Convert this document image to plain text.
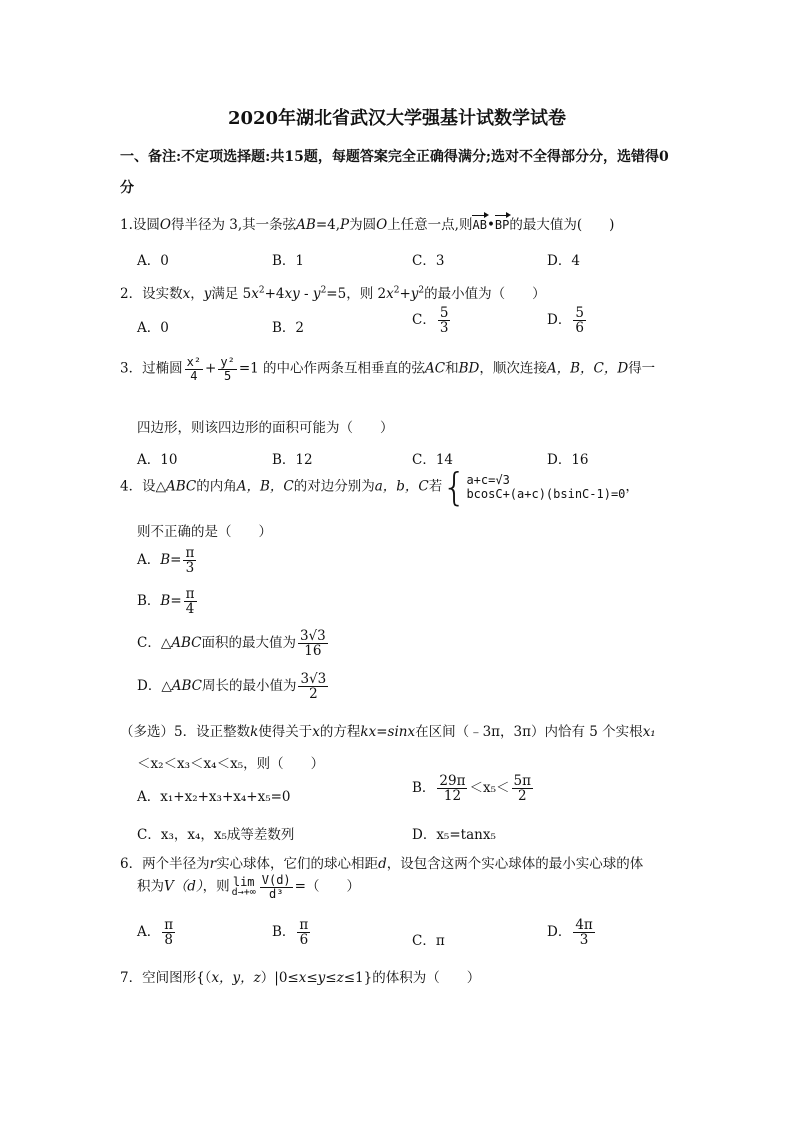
2020年湖北省武汉大学强基计试数学试卷
一、备注:不定项选择题:共15题，每题答案完全正确得满分;选对不全得部分分，选错得0
分
1.设圆O得半径为 3,其一条弦AB=4,P为圆O上任意一点,则AB•BP的最大值为(　　)
A．0	B．1	C．3	D．4
2．设实数x，y满足 $5x^2+4xy - y^2=5$，则 $2x^2+y^2$的最小值为（　　）
A．0	B．2	C． $\frac{5}{3}$	D． $\frac{5}{6}$
3．过椭圆 $\frac{\text{x²}}{4} + \frac{\text{y²}}{5} =1$ 的中心作两条互相垂直的弦AC和BD，顺次连接A，B，C，D得一
四边形，则该四边形的面积可能为（　　）
A．10	B．12	C．14	D．16
4．设△ABC的内角A，B，C的对边分别为a，b，C若{ a+c=√3
bcosC+(a+c)(bsinC-1)=0 ，
则不正确的是（　　）
A．$B= \frac{\pi}{3}$
B．$B= \frac{\pi}{4}$
C．△ABC面积的最大值为 $\frac{3√3}{16}$
D．△ABC周长的最小值为 $\frac{3√3}{2}$
（多选）5．设正整数k使得关于x的方程kx=sinx在区间（﹣3π，3π）内恰有 5 个实根x₁
＜x₂＜x₃＜x₄＜x₅，则（　　）
A．x₁+x₂+x₃+x₄+x₅=0
B． $\frac{29\pi}{12} <x_5< \frac{5\pi}{2}$
C．x₃，x₄，x₅成等差数列	D．x₅=tanx₅
6．两个半径为r实心球体，它们的球心相距d，设包含这两个实心球体的最小实心球的体
积为V（d），则 lim
$d\to+\infty \frac{V(d)}{\text{d³}}$ =（　　）
A． $\frac{\pi}{8}$	B． $\frac{\pi}{6}$	C．π
D． $\frac{4\pi}{3}$
7．空间图形{（x，y，z）|0≤x≤y≤z≤1}的体积为（　　）
